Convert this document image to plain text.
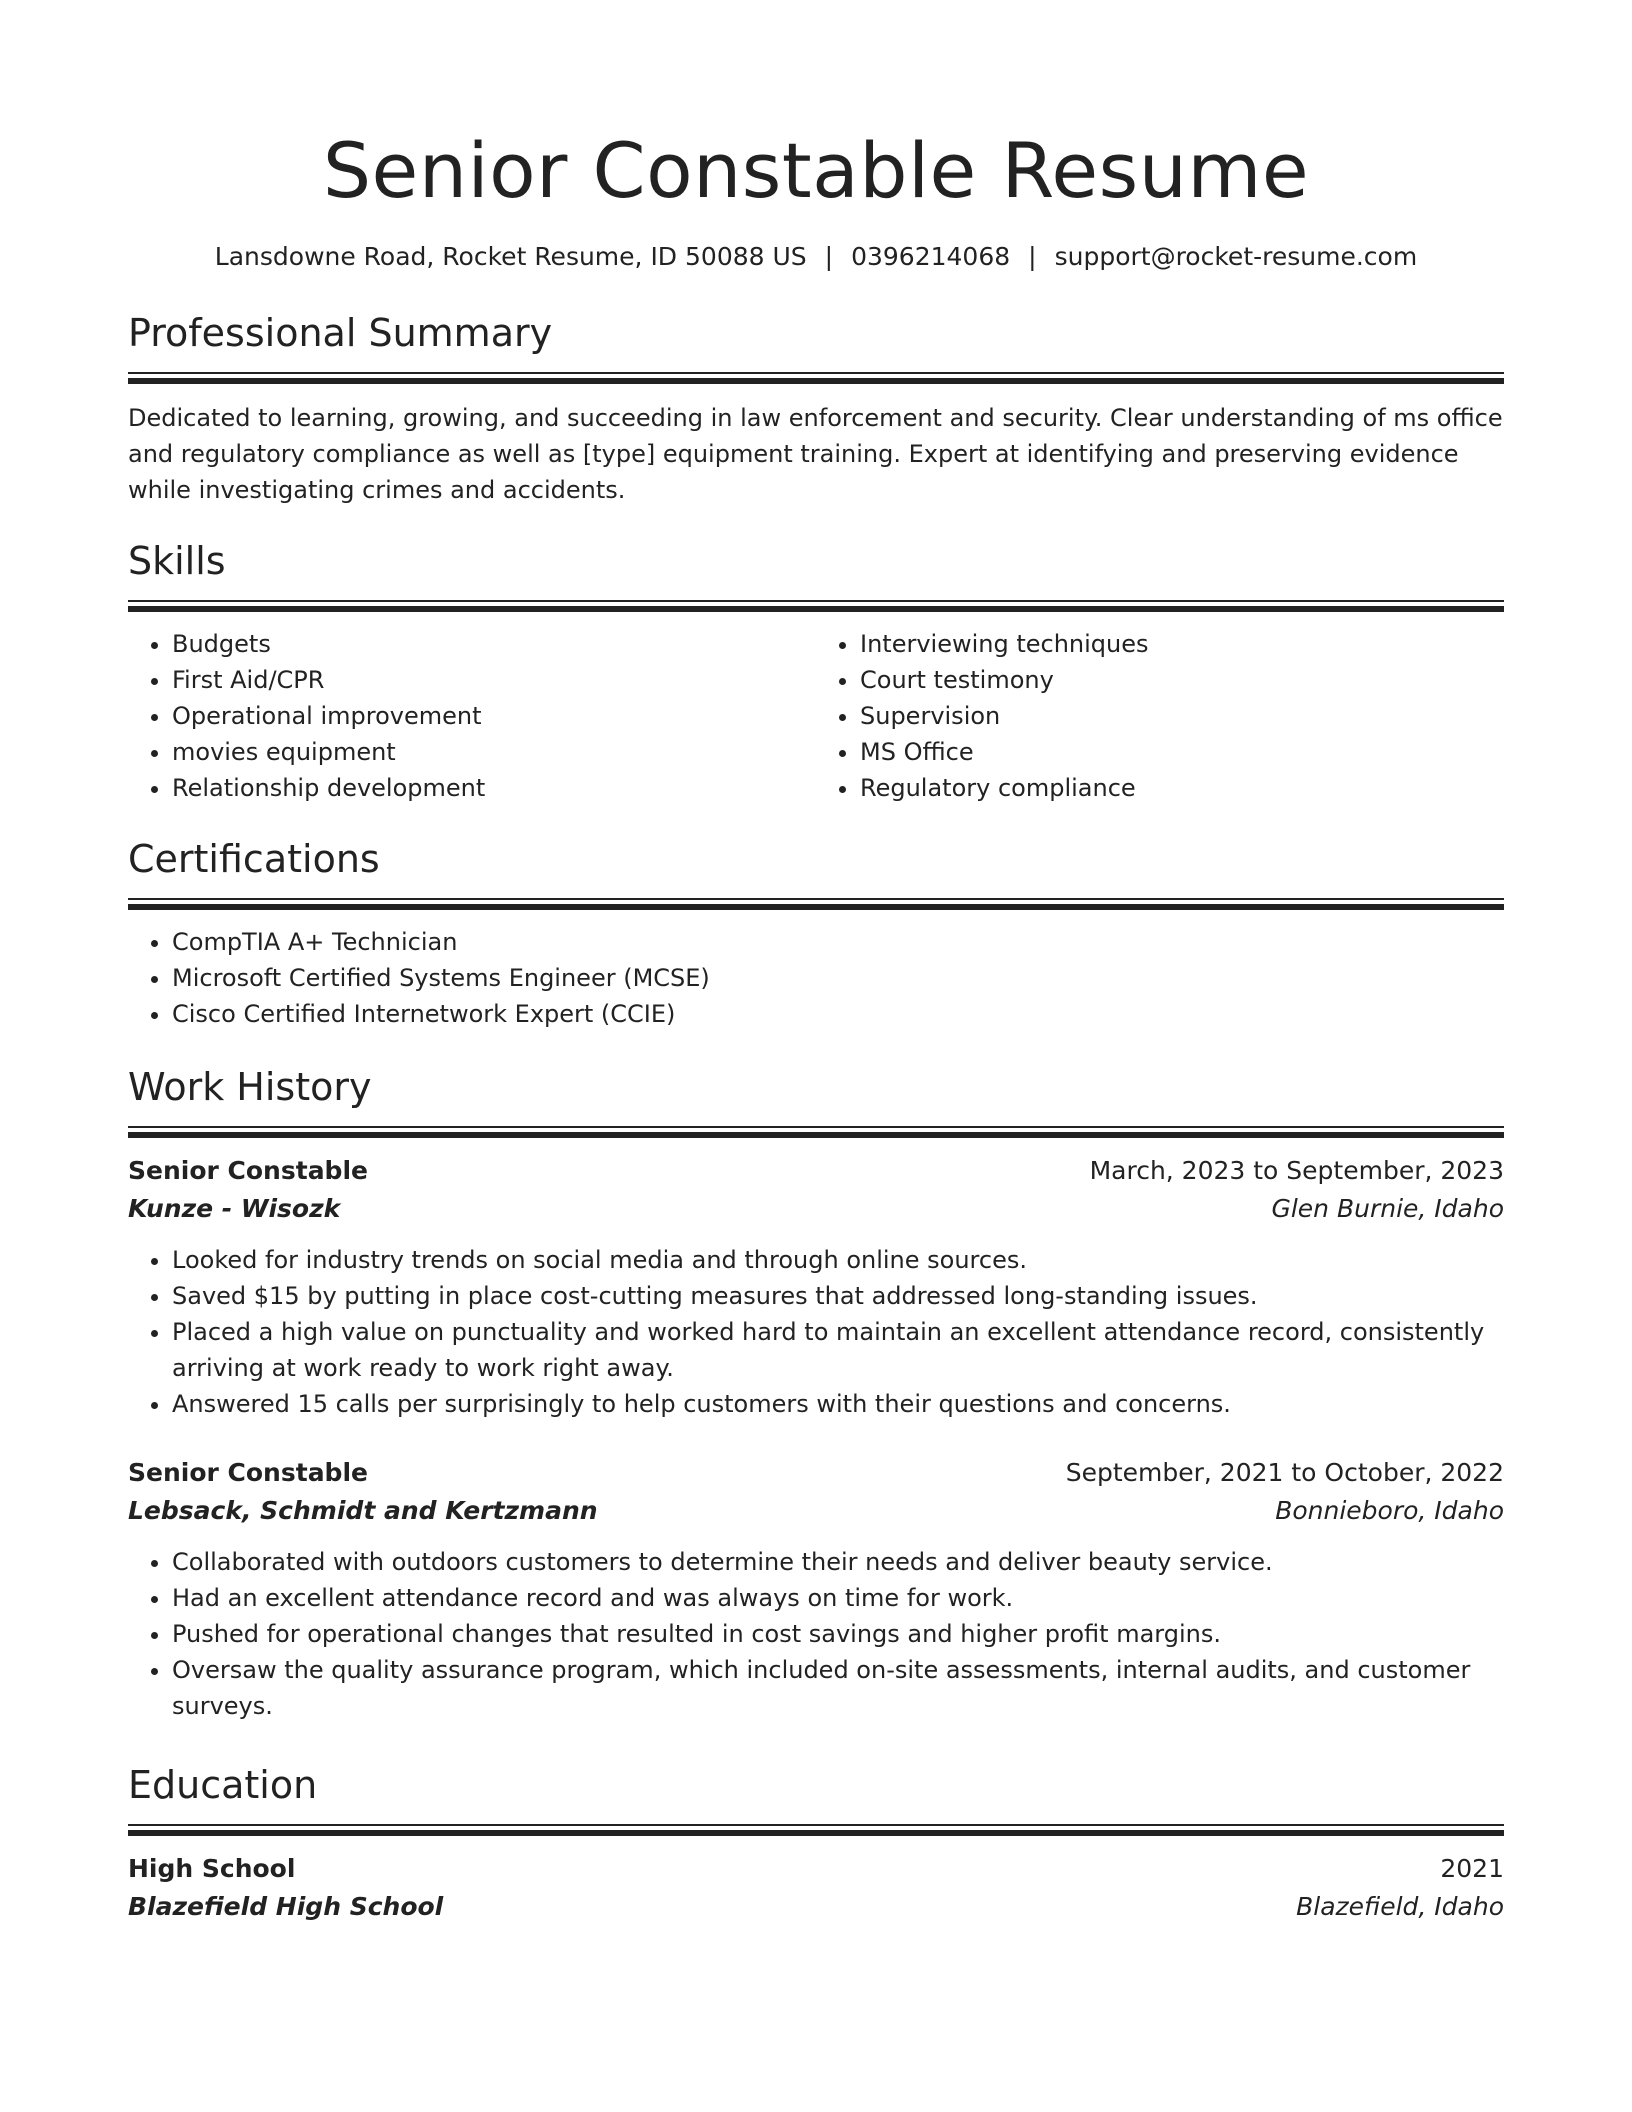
Senior Constable Resume
Lansdowne Road, Rocket Resume, ID 50088 US | 0396214068 | support@rocket-resume.com
Professional Summary

Dedicated to learning, growing, and succeeding in law enforcement and security. Clear understanding of ms office and regulatory compliance as well as [type] equipment training. Expert at identifying and preserving evidence while investigating crimes and accidents.

Skills
• Budgets
• First Aid/CPR
• Operational improvement
• movies equipment
• Relationship development
• Interviewing techniques
• Court testimony
• Supervision
• MS Office
• Regulatory compliance
Certifications
• CompTIA A+ Technician
• Microsoft Certified Systems Engineer (MCSE)
• Cisco Certified Internetwork Expert (CCIE)
Work History
Senior Constable	March, 2023 to September, 2023
Kunze - Wisozk	Glen Burnie, Idaho
• Looked for industry trends on social media and through online sources.
• Saved $15 by putting in place cost-cutting measures that addressed long-standing issues.
• Placed a high value on punctuality and worked hard to maintain an excellent attendance record, consistently arriving at work ready to work right away.
• Answered 15 calls per surprisingly to help customers with their questions and concerns.
Senior Constable	September, 2021 to October, 2022
Lebsack, Schmidt and Kertzmann	Bonnieboro, Idaho
• Collaborated with outdoors customers to determine their needs and deliver beauty service.
• Had an excellent attendance record and was always on time for work.
• Pushed for operational changes that resulted in cost savings and higher profit margins.
• Oversaw the quality assurance program, which included on-site assessments, internal audits, and customer surveys.
Education
High School	2021
Blazefield High School	Blazefield, Idaho
